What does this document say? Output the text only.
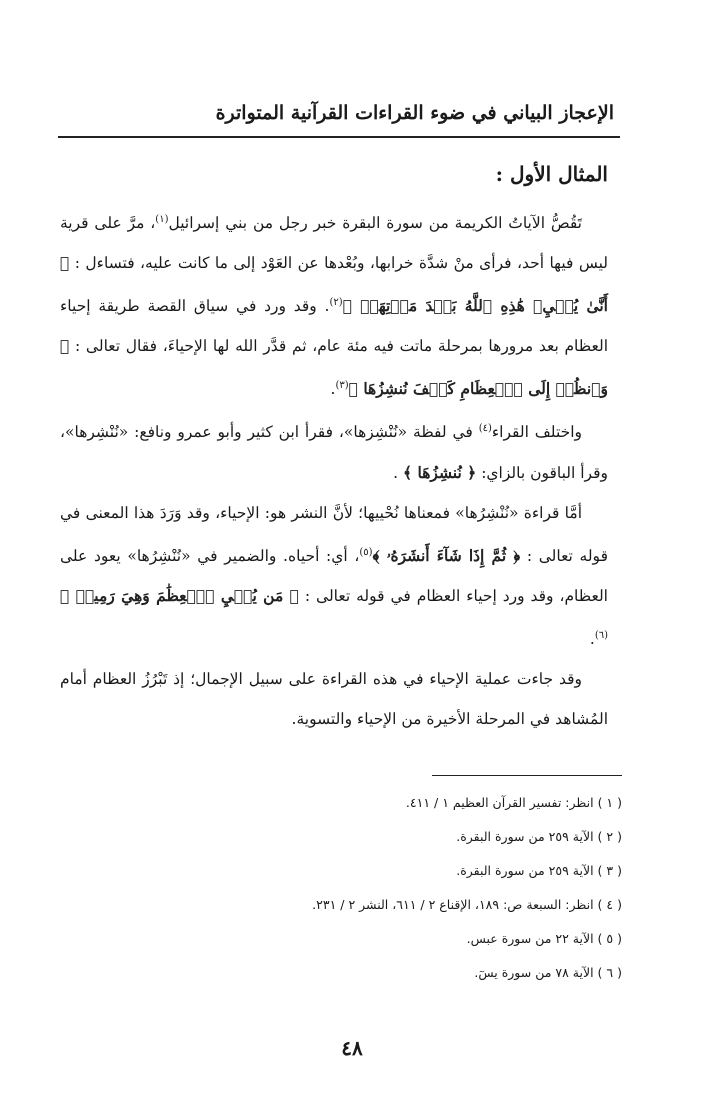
الإعجاز البياني في ضوء القراءات القرآنية المتواترة

المثال الأول :

تَقُصُّ الآياتُ الكريمة من سورة البقرة خبر رجل من بني إسرائيل$^{(١)}$، مرَّ على قرية ليس فيها أحد، فرأى منْ شدَّة خرابها، وبُعْدها عن العَوْد إلى ما كانت عليه، فتساءل : ﴿ أَنَّىٰ يُحۡيِۦ هَٰذِهِ ٱللَّهُ بَعۡدَ مَوۡتِهَاۖ ﴾$^{(٢)}$. وقد ورد في سياق القصة طريقة إحياء العظام بعد مرورها بمرحلة ماتت فيه مئة عام، ثم قدَّر الله لها الإحياءَ، فقال تعالى : ﴿ وَٱنظُرۡ إِلَى ٱلۡعِظَامِ كَيۡفَ نُنشِزُهَا ﴾$^{(٣)}$.

واختلف القراء$^{(٤)}$ في لفظة «نُنْشِزها»، فقرأ ابن كثير وأبو عمرو ونافع: «نُنْشِرها»، وقرأ الباقون بالزاي: ﴿ نُنشِزُهَا ﴾ .

أمَّا قراءة «نُنْشِرُها» فمعناها نُحْييها؛ لأنَّ النشر هو: الإحياء، وقد وَرَدَ هذا المعنى في قوله تعالى : ﴿ ثُمَّ إِذَا شَآءَ أَنشَرَهُۥ ﴾$^{(٥)}$، أي: أحياه. والضمير في «نُنْشِرُها» يعود على العظام، وقد ورد إحياء العظام في قوله تعالى : ﴿ مَن يُحۡيِ ٱلۡعِظَٰمَ وَهِيَ رَمِيمٞ ﴾$^{(٦)}$.

وقد جاءت عملية الإحياء في هذه القراءة على سبيل الإجمال؛ إذ تَبْرُزُ العظام أمام المُشاهد في المرحلة الأخيرة من الإحياء والتسوية.

( ١ ) انظر: تفسير القرآن العظيم ١ / ٤١١.
( ٢ ) الآية ٢٥٩ من سورة البقرة.
( ٣ ) الآية ٢٥٩ من سورة البقرة.
( ٤ ) انظر: السبعة ص: ١٨٩، الإقناع ٢ / ٦١١، النشر ٢ / ٢٣١.
( ٥ ) الآية ٢٢ من سورة عبس.
( ٦ ) الآية ٧٨ من سورة يسٓ.
٤٨
